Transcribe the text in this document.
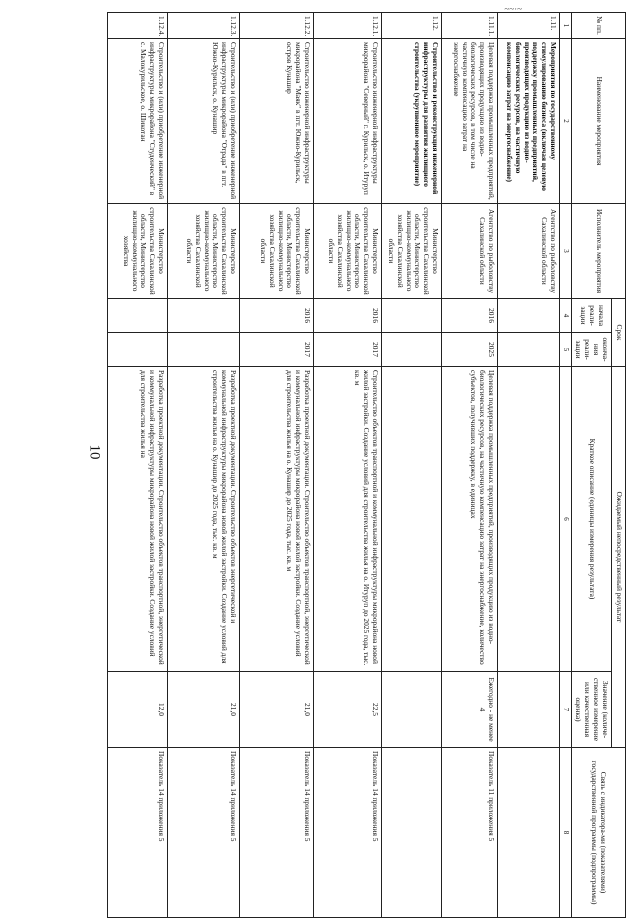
10
~~·~
№ пп.	Наименование мероприятия	Исполнитель мероприятия	Срок		Ожидаемый непосредственный результат		Связь с индикатора-ми (показателями) государственной программы (подпрограммы)
			начала реали-зации	оконча-ния реали-зации	Краткое описание (единицы измерения результата)	Значение (количе-ственное измерение или качественная оценка)	
1	2	3	4	5	6	7	8
1.11.	Мероприятия по государственному стимулированию бизнеса (включая целевую поддержку промышленных предприятий, производящих продукцию из водно-биологических ресурсов, на частичную компенсацию затрат на энергоснабжение)	Агентство по рыболовству Сахалинской области					
1.11.1.	Целевая поддержка промышленных предприятий, производящих продукцию из водно-биологических ресурсов, в том числе на частичную компенсацию затрат на энергоснабжение	Агентство по рыболовству Сахалинской области	2016	2025	Целевая поддержка промышленных предприятий, производящих продукцию из водно-биологических ресурсов, на частичную компенсацию затрат на энергоснабжение, количество субъектов, получивших поддержку, в единицах	Ежегодно - не менее 4	Показатель 11 приложения 5
1.12.	Строительство и реконструкция инженерной инфраструктуры для развития жилищного строительства (укрупненное мероприятие)	Министерство строительства Сахалинской области, Министерство жилищно-коммунального хозяйства Сахалинской области					
1.12.1.	Строительство инженерной инфраструктуры микрорайона "Северный" г. Курильск, о. Итуруп	Министерство строительства Сахалинской области, Министерство жилищно-коммунального хозяйства Сахалинской области	2016	2017	Строительство объектов транспортной и коммунальной инфраструктуры микрорайона новой жилой застройки. Создание условий для строительства жилья на о. Итуруп до 2025 года, тыс. кв. м	22,5	Показатель 14 приложения 5
1.12.2.	Строительство инженерной инфраструктуры микрорайона "Маяк" в пгт. Южно-Курильск, остров Кунашир	Министерство строительства Сахалинской области, Министерство жилищно-коммунального хозяйства Сахалинской области	2016	2017	Разработка проектной документации. Строительство объектов транспортной, энергетической и коммунальной инфраструктуры микрорайона новой жилой застройки. Создание условий для строительства жилья на о. Кунашир до 2025 года, тыс. кв. м	21,0	Показатель 14 приложения 5
1.12.3.	Строительство и (или) приобретение инженерной инфраструктуры микрорайона "Отрада" в пгт. Южно-Курильск, о. Кунашир	Министерство строительства Сахалинской области, Министерство жилищно-коммунального хозяйства Сахалинской области			Разработка проектной документации. Строительство объектов энергетической и коммунальной инфраструктуры микрорайона новой жилой застройки. Создание условий для строительства жилья на о. Кунашир до 2025 года, тыс. кв. м	21,0	Показатель 14 приложения 5
1.12.4.	Строительство и (или) приобретение инженерной инфраструктуры микрорайона "Студенческий" в с. Малокурильское, о. Шикотан	Министерство строительства Сахалинской области, Министерство жилищно-коммунального хозяйства			Разработка проектной документации. Строительство объектов транспортной, энергетической и коммунальной инфраструктуры микрорайона новой жилой застройки. Создание условий для строительства жилья на	12,0	Показатель 14 приложения 5
